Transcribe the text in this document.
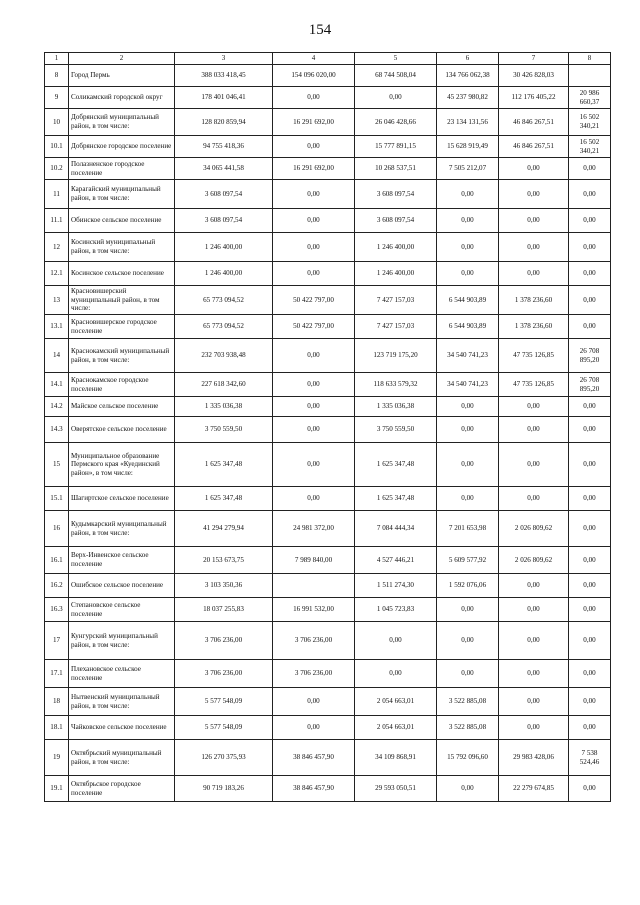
154
1	2	3	4	5	6	7	8
8	Город Пермь	388 033 418,45	154 096 020,00	68 744 508,04	134 766 062,38	30 426 828,03	
9	Соликамский городской округ	178 401 046,41	0,00	0,00	45 237 980,82	112 176 405,22	20 986 660,37
10	Добрянский муниципальный район, в том числе:	128 820 859,94	16 291 692,00	26 046 428,66	23 134 131,56	46 846 267,51	16 502 340,21
10.1	Добрянское городское поселение	94 755 418,36	0,00	15 777 891,15	15 628 919,49	46 846 267,51	16 502 340,21
10.2	Полазненское городское поселение	34 065 441,58	16 291 692,00	10 268 537,51	7 505 212,07	0,00	0,00
11	Карагайский муниципальный район, в том числе:	3 608 097,54	0,00	3 608 097,54	0,00	0,00	0,00
11.1	Обинское сельское поселение	3 608 097,54	0,00	3 608 097,54	0,00	0,00	0,00
12	Косинский муниципальный район, в том числе:	1 246 400,00	0,00	1 246 400,00	0,00	0,00	0,00
12.1	Косинское сельское поселение	1 246 400,00	0,00	1 246 400,00	0,00	0,00	0,00
13	Красновишерский муниципальный район, в том числе:	65 773 094,52	50 422 797,00	7 427 157,03	6 544 903,89	1 378 236,60	0,00
13.1	Красновишерское городское поселение	65 773 094,52	50 422 797,00	7 427 157,03	6 544 903,89	1 378 236,60	0,00
14	Краснокамский муниципальный район, в том числе:	232 703 938,48	0,00	123 719 175,20	34 540 741,23	47 735 126,85	26 708 895,20
14.1	Краснокамское городское поселение	227 618 342,60	0,00	118 633 579,32	34 540 741,23	47 735 126,85	26 708 895,20
14.2	Майское сельское поселение	1 335 036,38	0,00	1 335 036,38	0,00	0,00	0,00
14.3	Оверятское сельское поселение	3 750 559,50	0,00	3 750 559,50	0,00	0,00	0,00
15	Муниципальное образование Пермского края «Куединский район», в том числе:	1 625 347,48	0,00	1 625 347,48	0,00	0,00	0,00
15.1	Шагиртское сельское поселение	1 625 347,48	0,00	1 625 347,48	0,00	0,00	0,00
16	Кудымкарский муниципальный район, в том числе:	41 294 279,94	24 981 372,00	7 084 444,34	7 201 653,98	2 026 809,62	0,00
16.1	Верх-Инвенское сельское поселение	20 153 673,75	7 989 840,00	4 527 446,21	5 609 577,92	2 026 809,62	0,00
16.2	Ошибское сельское поселение	3 103 350,36		1 511 274,30	1 592 076,06	0,00	0,00
16.3	Степановское сельское поселение	18 037 255,83	16 991 532,00	1 045 723,83	0,00	0,00	0,00
17	Кунгурский муниципальный район, в том числе:	3 706 236,00	3 706 236,00	0,00	0,00	0,00	0,00
17.1	Плехановское сельское поселение	3 706 236,00	3 706 236,00	0,00	0,00	0,00	0,00
18	Нытвенский муниципальный район, в том числе:	5 577 548,09	0,00	2 054 663,01	3 522 885,08	0,00	0,00
18.1	Чайковское сельское поселение	5 577 548,09	0,00	2 054 663,01	3 522 885,08	0,00	0,00
19	Октябрьский муниципальный район, в том числе:	126 270 375,93	38 846 457,90	34 109 868,91	15 792 096,60	29 983 428,06	7 538 524,46
19.1	Октябрьское городское поселение	90 719 183,26	38 846 457,90	29 593 050,51	0,00	22 279 674,85	0,00
